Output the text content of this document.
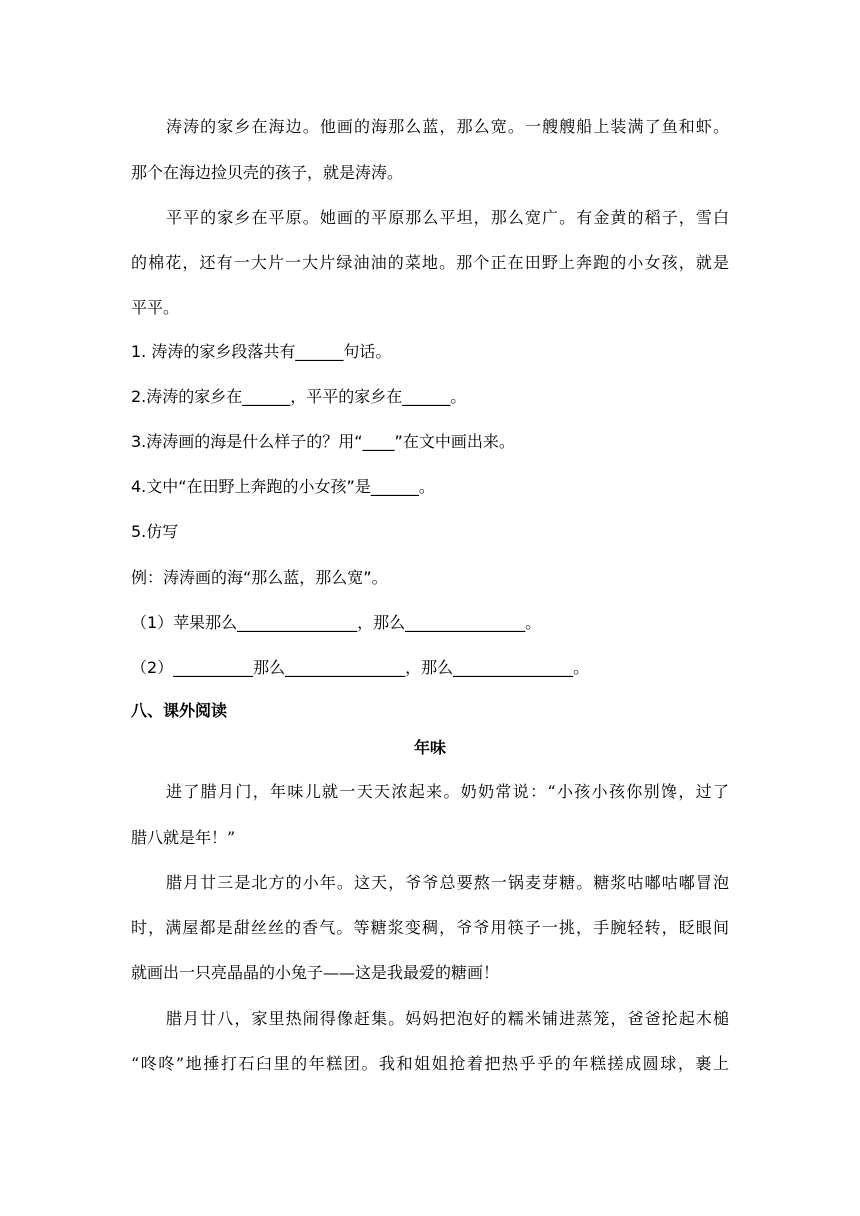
涛涛的家乡在海边。他画的海那么蓝，那么宽。一艘艘船上装满了鱼和虾。
那个在海边捡贝壳的孩子，就是涛涛。
平平的家乡在平原。她画的平原那么平坦，那么宽广。有金黄的稻子，雪白
的棉花，还有一大片一大片绿油油的菜地。那个正在田野上奔跑的小女孩，就是
平平。
1. 涛涛的家乡段落共有______句话。
2.涛涛的家乡在______，平平的家乡在______。
3.涛涛画的海是什么样子的？用“____”在文中画出来。
4.文中“在田野上奔跑的小女孩”是______。
5.仿写
例：涛涛画的海“那么蓝，那么宽”。
（1）苹果那么_______________，那么_______________。
（2）__________那么_______________，那么_______________。
八、课外阅读
年味
进了腊月门，年味儿就一天天浓起来。奶奶常说：“小孩小孩你别馋，过了
腊八就是年！”
腊月廿三是北方的小年。这天，爷爷总要熬一锅麦芽糖。糖浆咕嘟咕嘟冒泡
时，满屋都是甜丝丝的香气。等糖浆变稠，爷爷用筷子一挑，手腕轻转，眨眼间
就画出一只亮晶晶的小兔子——这是我最爱的糖画！
腊月廿八，家里热闹得像赶集。妈妈把泡好的糯米铺进蒸笼，爸爸抡起木槌
“咚咚”地捶打石臼里的年糕团。我和姐姐抢着把热乎乎的年糕搓成圆球，裹上
